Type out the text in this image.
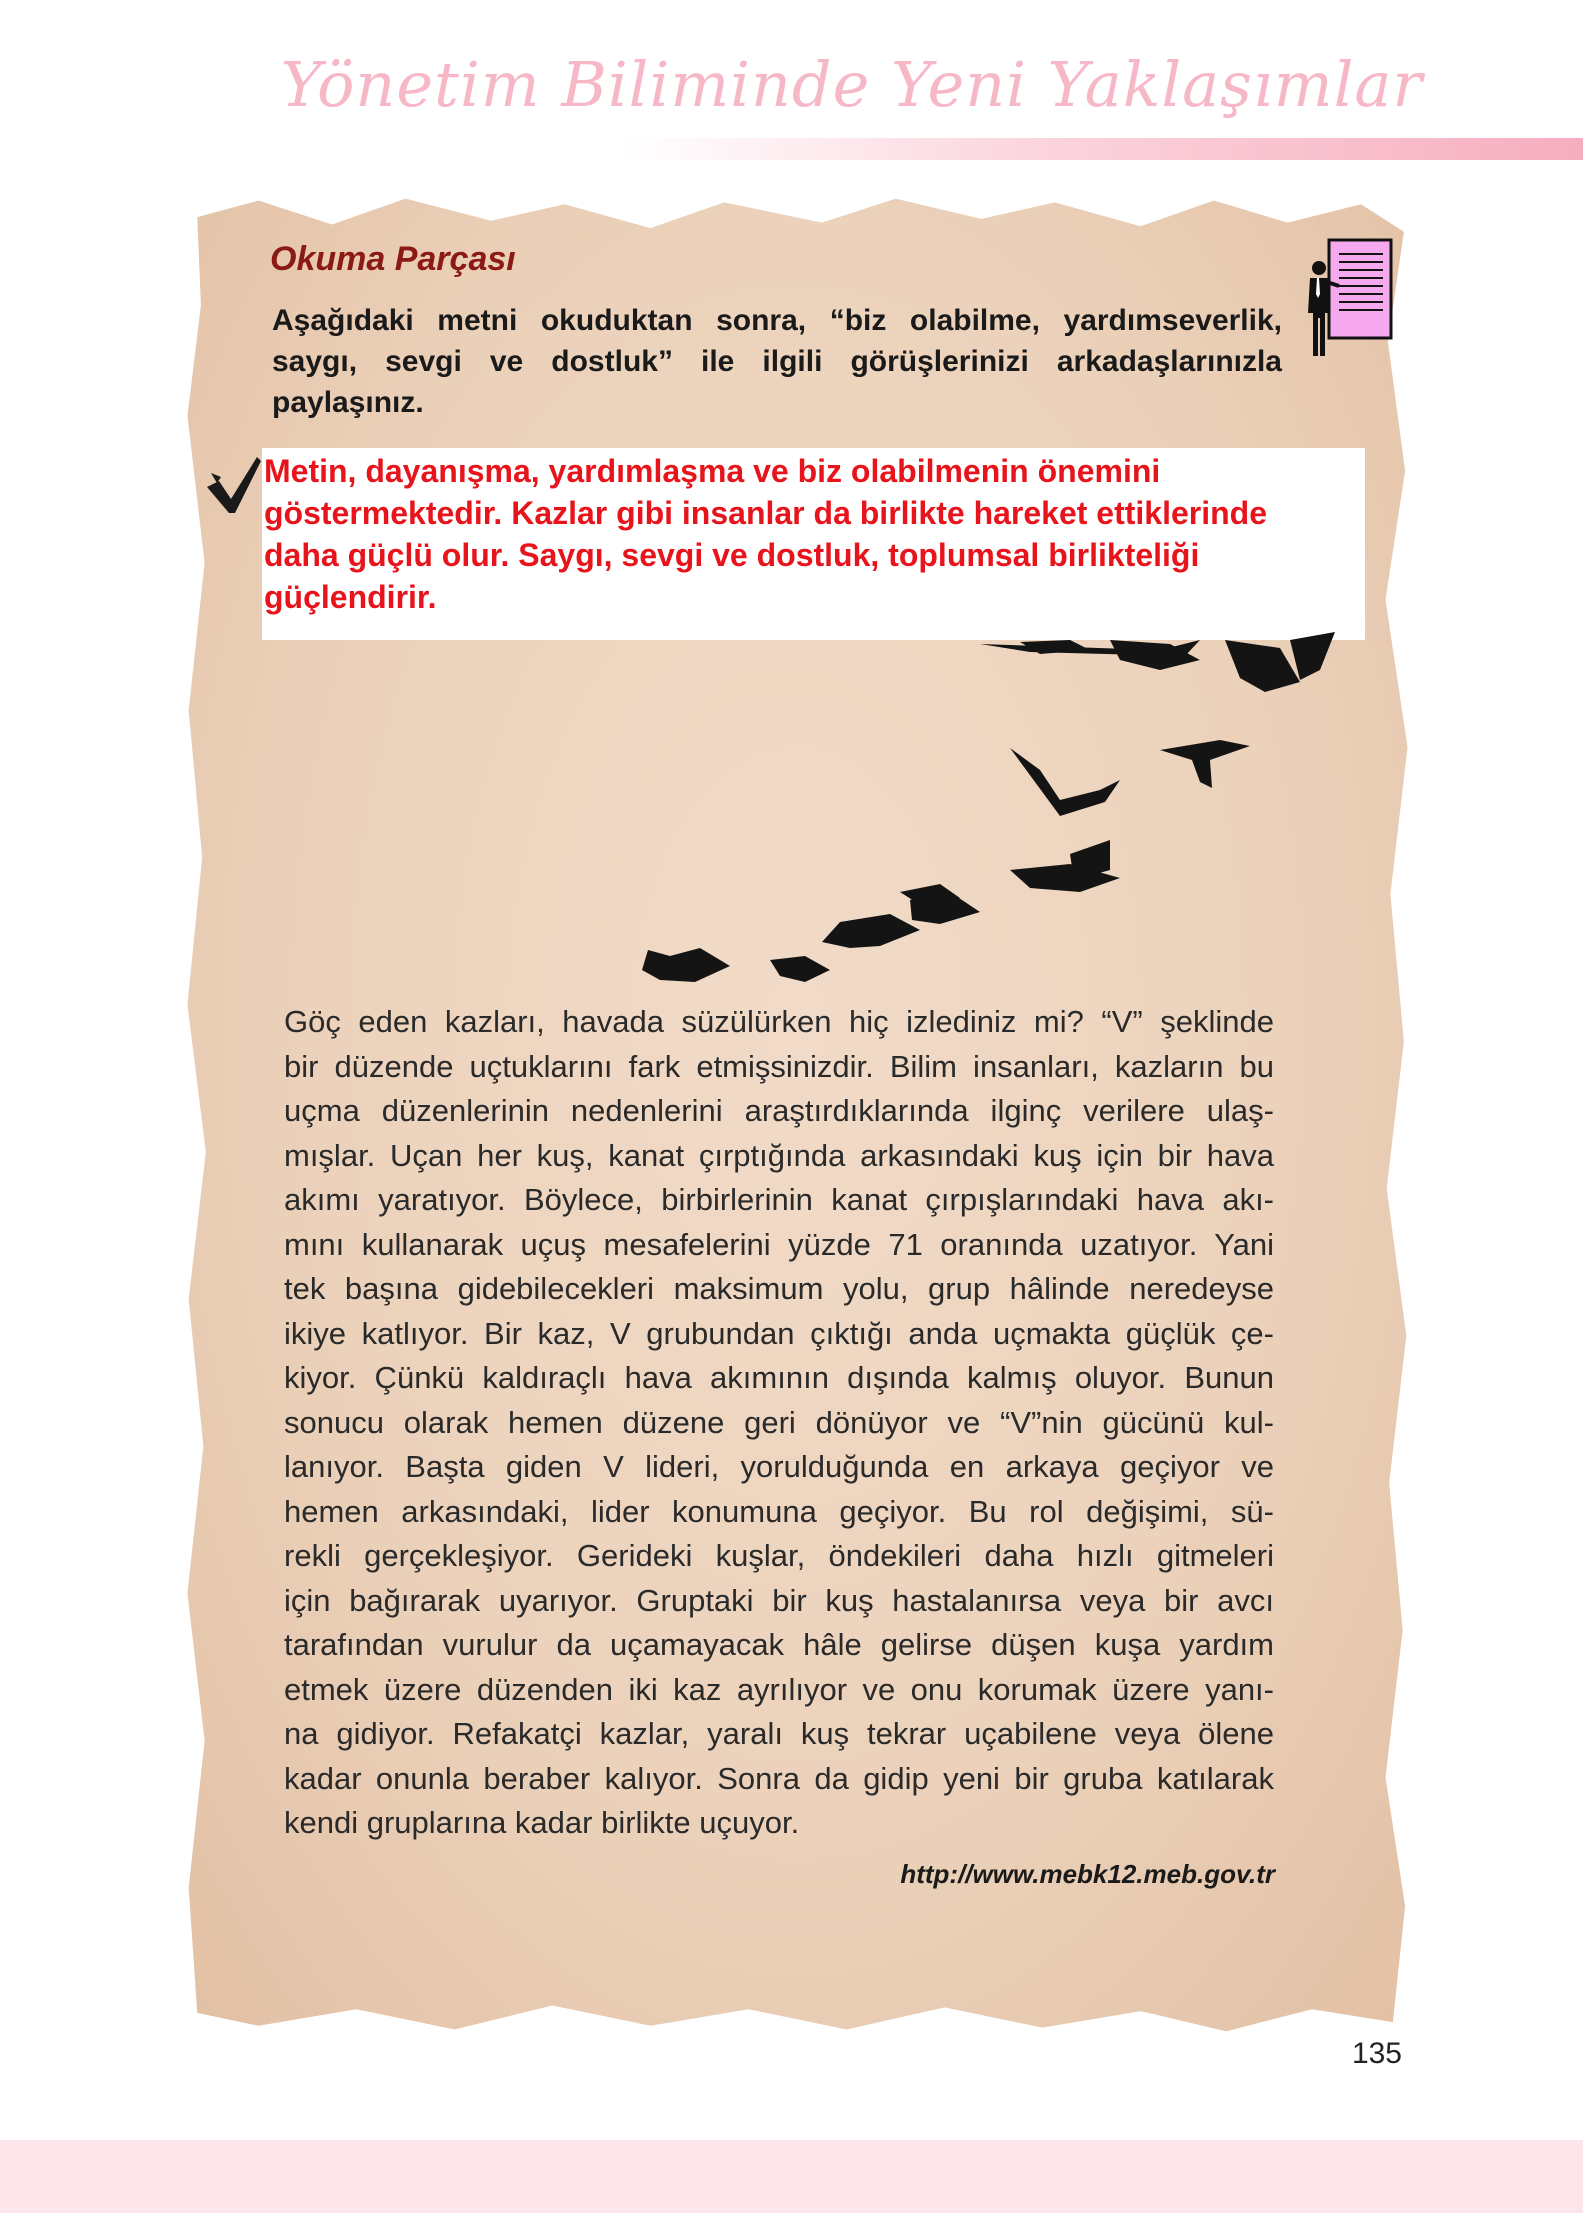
Yönetim Biliminde Yeni Yaklaşımlar
Okuma Parçası
Aşağıdaki metni okuduktan sonra, “biz olabilme, yardımseverlik,
saygı, sevgi ve dostluk” ile ilgili görüşlerinizi arkadaşlarınızla
paylaşınız.
Metin, dayanışma, yardımlaşma ve biz olabilmenin önemini
göstermektedir. Kazlar gibi insanlar da birlikte hareket ettiklerinde
daha güçlü olur. Saygı, sevgi ve dostluk, toplumsal birlikteliği
güçlendirir.
Göç eden kazları, havada süzülürken hiç izlediniz mi? “V” şeklinde
bir düzende uçtuklarını fark etmişsinizdir. Bilim insanları, kazların bu
uçma düzenlerinin nedenlerini araştırdıklarında ilginç verilere ulaş-
mışlar. Uçan her kuş, kanat çırptığında arkasındaki kuş için bir hava
akımı yaratıyor. Böylece, birbirlerinin kanat çırpışlarındaki hava akı-
mını kullanarak uçuş mesafelerini yüzde 71 oranında uzatıyor. Yani
tek başına gidebilecekleri maksimum yolu, grup hâlinde neredeyse
ikiye katlıyor. Bir kaz, V grubundan çıktığı anda uçmakta güçlük çe-
kiyor. Çünkü kaldıraçlı hava akımının dışında kalmış oluyor. Bunun
sonucu olarak hemen düzene geri dönüyor ve “V”nin gücünü kul-
lanıyor. Başta giden V lideri, yorulduğunda en arkaya geçiyor ve
hemen arkasındaki, lider konumuna geçiyor. Bu rol değişimi, sü-
rekli gerçekleşiyor. Gerideki kuşlar, öndekileri daha hızlı gitmeleri
için bağırarak uyarıyor. Gruptaki bir kuş hastalanırsa veya bir avcı
tarafından vurulur da uçamayacak hâle gelirse düşen kuşa yardım
etmek üzere düzenden iki kaz ayrılıyor ve onu korumak üzere yanı-
na gidiyor. Refakatçi kazlar, yaralı kuş tekrar uçabilene veya ölene
kadar onunla beraber kalıyor. Sonra da gidip yeni bir gruba katılarak
kendi gruplarına kadar birlikte uçuyor.
http://www.mebk12.meb.gov.tr
135
